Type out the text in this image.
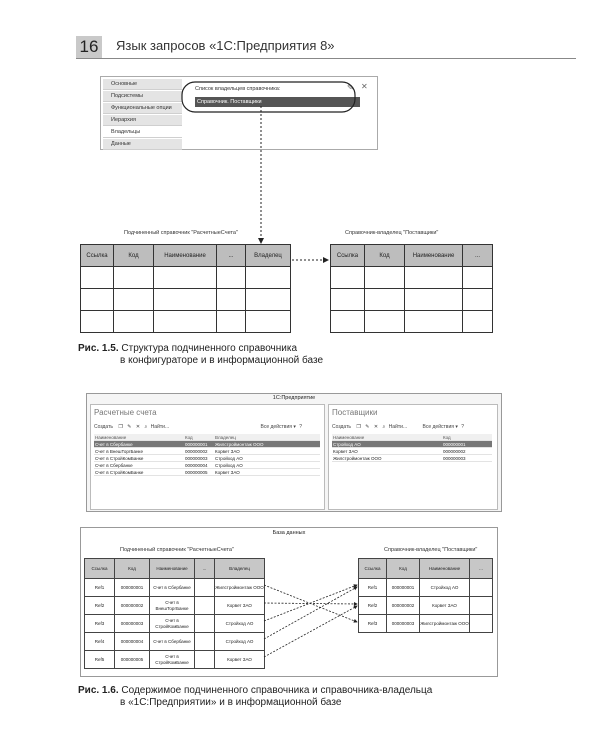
16 Язык запросов «1С:Предприятия 8»
Основные
Подсистемы
Функциональные опции
Иерархия
Владельцы
Данные
Список владельцев справочника:	✎ ✕
Справочник. Поставщики
Подчиненный справочник "РасчетныеСчета"	Справочник-владелец "Поставщики"
Ссылка	Код	Наименование	...	Владелец

					Ссылка	Код	Наименование	...

Рис. 1.5. Структура подчиненного справочника
в конфигураторе и в информационной базе
1С:Предприятие
Расчетные счета
Создать ❐ ✎ ✕ ⌕ Найти...	Все действия ▾ ?
Наименование	Код	Владелец
Счет в Сбербанке	000000001	Жилстроймонтаж ООО
Счет в ВнешТоргБанке	000000002	Корвет ЗАО
Счет в СтройКомБанке	000000003	Стройход АО
Счет в Сбербанке	000000004	Стройход АО
Счет в СтройКомБанке	000000005	Корвет ЗАО
Поставщики
Создать ❐ ✎ ✕ ⌕ Найти...	Все действия ▾ ?
Наименование	Код
Стройход АО	000000001
Корвет ЗАО	000000002
Жилстроймонтаж ООО	000000003
База данных
Подчиненный справочник "РасчетныеСчета"	Справочник-владелец "Поставщики"
Ссылка	Код	Наименование	...	Владелец
Ref1	000000001	Счет в Сбербанке		Жилстроймонтаж ООО
Ref2	000000002	Счет в ВнешТоргБанке		Корвет ЗАО
Ref3	000000003	Счет в СтройКомБанке		Стройход АО
Ref4	000000004	Счет в Сбербанке		Стройход АО
Ref5	000000005	Счет в СтройКомБанке		Корвет ЗАО
Ссылка	Код	Наименование	...
Ref1	000000001	Стройход АО	
Ref2	000000002	Корвет ЗАО	
Ref3	000000003	Жилстроймонтаж ООО	
Рис. 1.6. Содержимое подчиненного справочника и справочника-владельца
в «1С:Предприятии» и в информационной базе
